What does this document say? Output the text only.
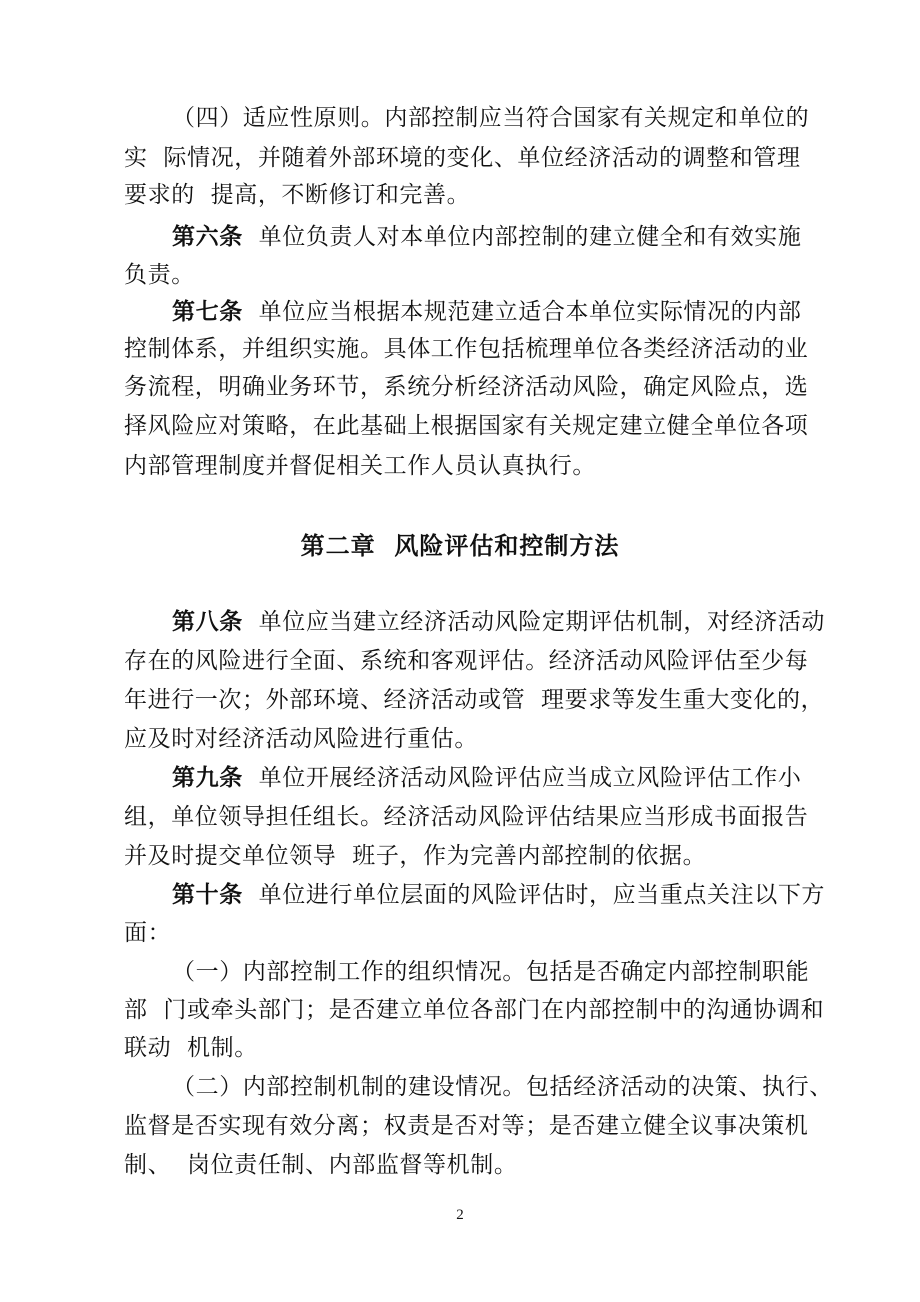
（四）适应性原则。内部控制应当符合国家有关规定和单位的
实  际情况，并随着外部环境的变化、单位经济活动的调整和管理
要求的  提高，不断修订和完善。
第六条  单位负责人对本单位内部控制的建立健全和有效实施
负责。
第七条  单位应当根据本规范建立适合本单位实际情况的内部
控制体系，并组织实施。具体工作包括梳理单位各类经济活动的业
务流程，明确业务环节，系统分析经济活动风险，确定风险点，选
择风险应对策略，在此基础上根据国家有关规定建立健全单位各项
内部管理制度并督促相关工作人员认真执行。
第二章  风险评估和控制方法
第八条  单位应当建立经济活动风险定期评估机制，对经济活动
存在的风险进行全面、系统和客观评估。经济活动风险评估至少每
年进行一次；外部环境、经济活动或管  理要求等发生重大变化的，
应及时对经济活动风险进行重估。
第九条  单位开展经济活动风险评估应当成立风险评估工作小
组，单位领导担任组长。经济活动风险评估结果应当形成书面报告
并及时提交单位领导  班子，作为完善内部控制的依据。
第十条  单位进行单位层面的风险评估时，应当重点关注以下方
面：
（一）内部控制工作的组织情况。包括是否确定内部控制职能
部  门或牵头部门；是否建立单位各部门在内部控制中的沟通协调和
联动  机制。
（二）内部控制机制的建设情况。包括经济活动的决策、执行、
监督是否实现有效分离；权责是否对等；是否建立健全议事决策机
制、  岗位责任制、内部监督等机制。
2
